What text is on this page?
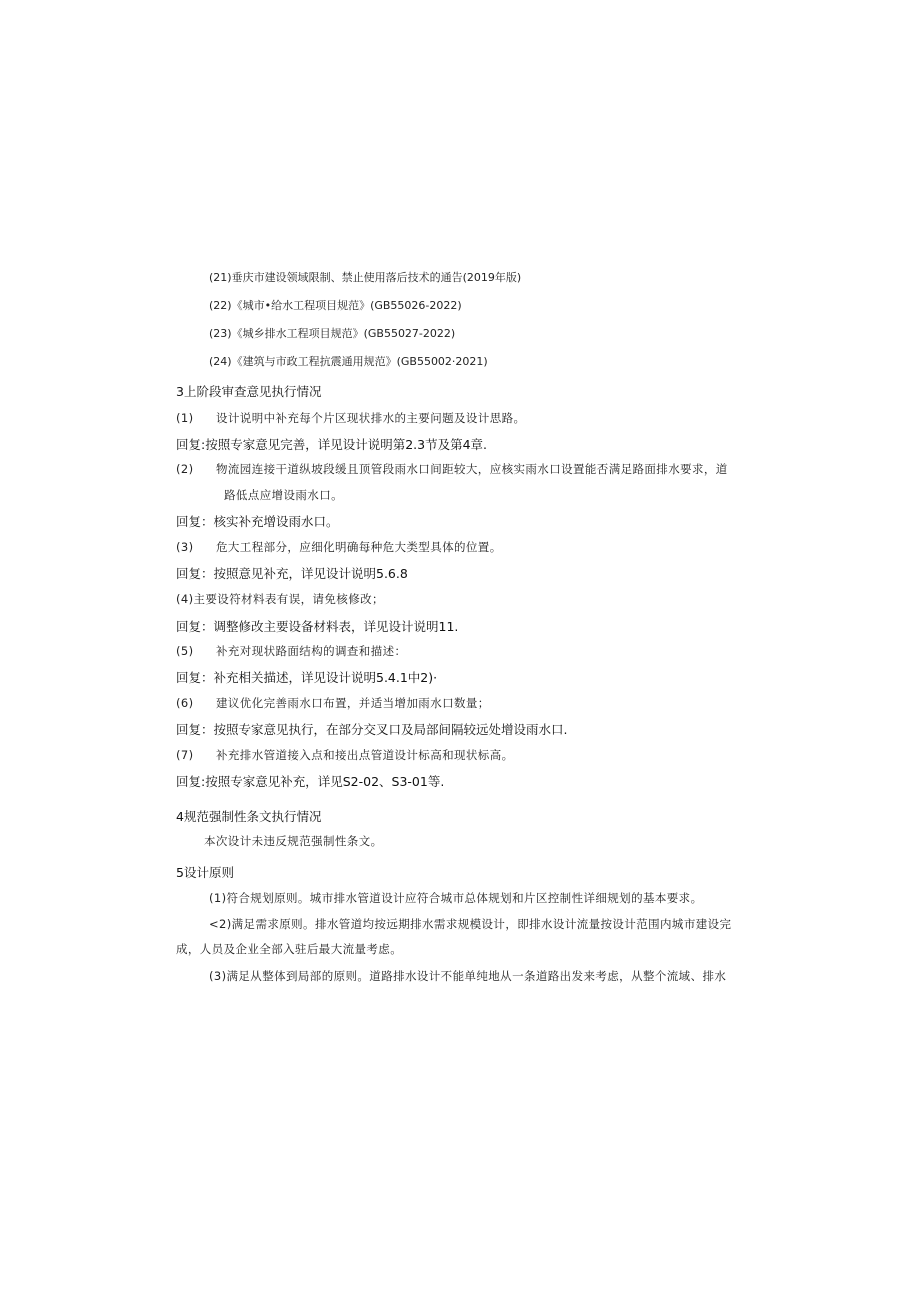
(21)垂庆市建设领域限制、禁止使用落后技术的通告(2019年版)
(22)《城市•给水工程项目规范》(GB55026-2022)
(23)《城乡排水工程项目规范》(GB55027-2022)
(24)《建筑与市政工程抗震通用规范》(GB55002·2021)
3上阶段审查意见执行情况
(1) 设计说明中补充每个片区现状排水的主要问题及设计思路。
回复:按照专家意见完善，详见设计说明第2.3节及第4章.
(2) 物流园连接干道纵坡段缓且顶管段雨水口间距较大，应核实雨水口设置能否满足路面排水要求，道
路低点应增设雨水口。
回复：核实补充增设雨水口。
(3) 危大工程部分，应细化明确每种危大类型具体的位置。
回复：按照意见补充，详见设计说明5.6.8
(4)主要设符材料表有误，请免核修改；
回复：调整修改主要设备材料表，详见设计说明11.
(5) 补充对现状路面结构的调查和描述：
回复：补充相关描述，详见设计说明5.4.1中2)·
(6) 建议优化完善雨水口布置，并适当增加雨水口数量；
回复：按照专家意见执行，在部分交叉口及局部间隔较远处增设雨水口.
(7) 补充排水管道接入点和接出点管道设计标高和现状标高。
回复:按照专家意见补充，详见S2-02、S3-01等.
4规范强制性条文执行情况
本次设计未违反规范强制性条文。
5设计原则
(1)符合规划原则。城市排水管道设计应符合城市总体规划和片区控制性详细规划的基本要求。
<2)满足需求原则。排水管道均按远期排水需求规模设计，即排水设计流量按设计范围内城市建设完
成，人员及企业全部入驻后最大流量考虑。
(3)满足从整体到局部的原则。道路排水设计不能单纯地从一条道路出发来考虑，从整个流域、排水
